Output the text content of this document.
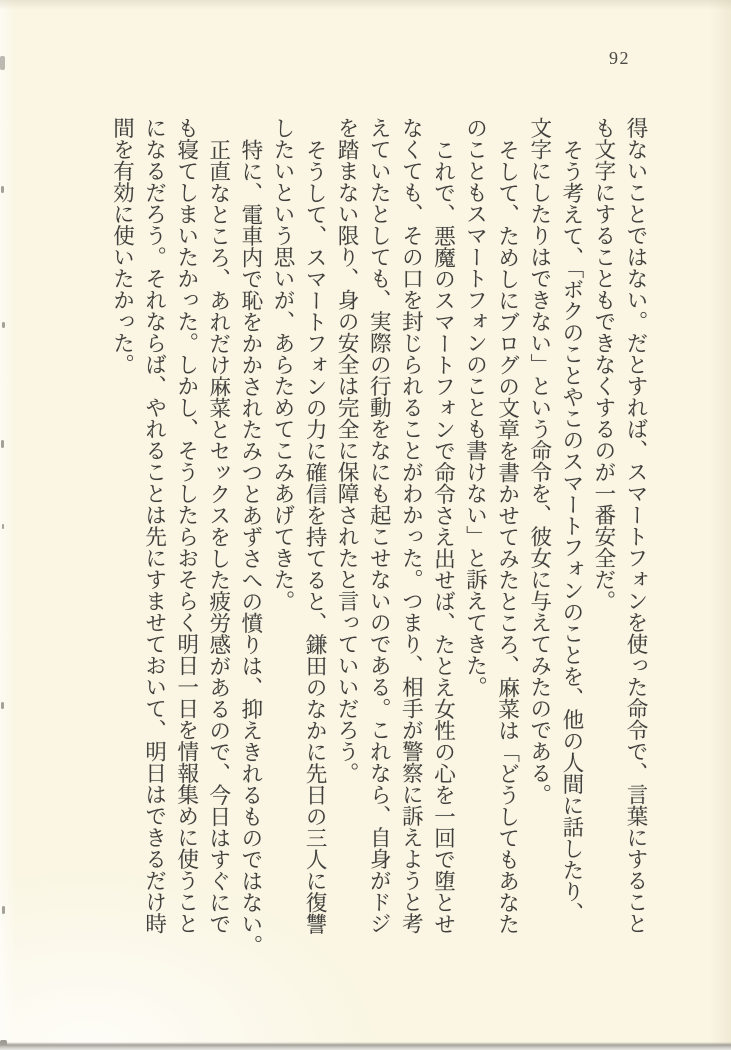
92

得ないことではない。だとすれば、スマートフォンを使った命令で、言葉にすることも文字にすることもできなくするのが一番安全だ。

そう考えて、「ボクのことやこのスマートフォンのことを、他の人間に話したり、文字にしたりはできない」という命令を、彼女に与えてみたのである。

そして、ためしにブログの文章を書かせてみたところ、麻菜は「どうしてもあなたのこともスマートフォンのことも書けない」と訴えてきた。

これで、悪魔のスマートフォンで命令さえ出せば、たとえ女性の心を一回で堕とせなくても、その口を封じられることがわかった。つまり、相手が警察に訴えようと考えていたとしても、実際の行動をなにも起こせないのである。これなら、自身がドジを踏まない限り、身の安全は完全に保障されたと言っていいだろう。

そうして、スマートフォンの力に確信を持てると、鎌田のなかに先日の三人に復讐したいという思いが、あらためてこみあげてきた。

特に、電車内で恥をかかされたみつとあずさへの憤りは、抑えきれるものではない。

正直なところ、あれだけ麻菜とセックスをした疲労感があるので、今日はすぐにでも寝てしまいたかった。しかし、そうしたらおそらく明日一日を情報集めに使うことになるだろう。それならば、やれることは先にすませておいて、明日はできるだけ時間を有効に使いたかった。
